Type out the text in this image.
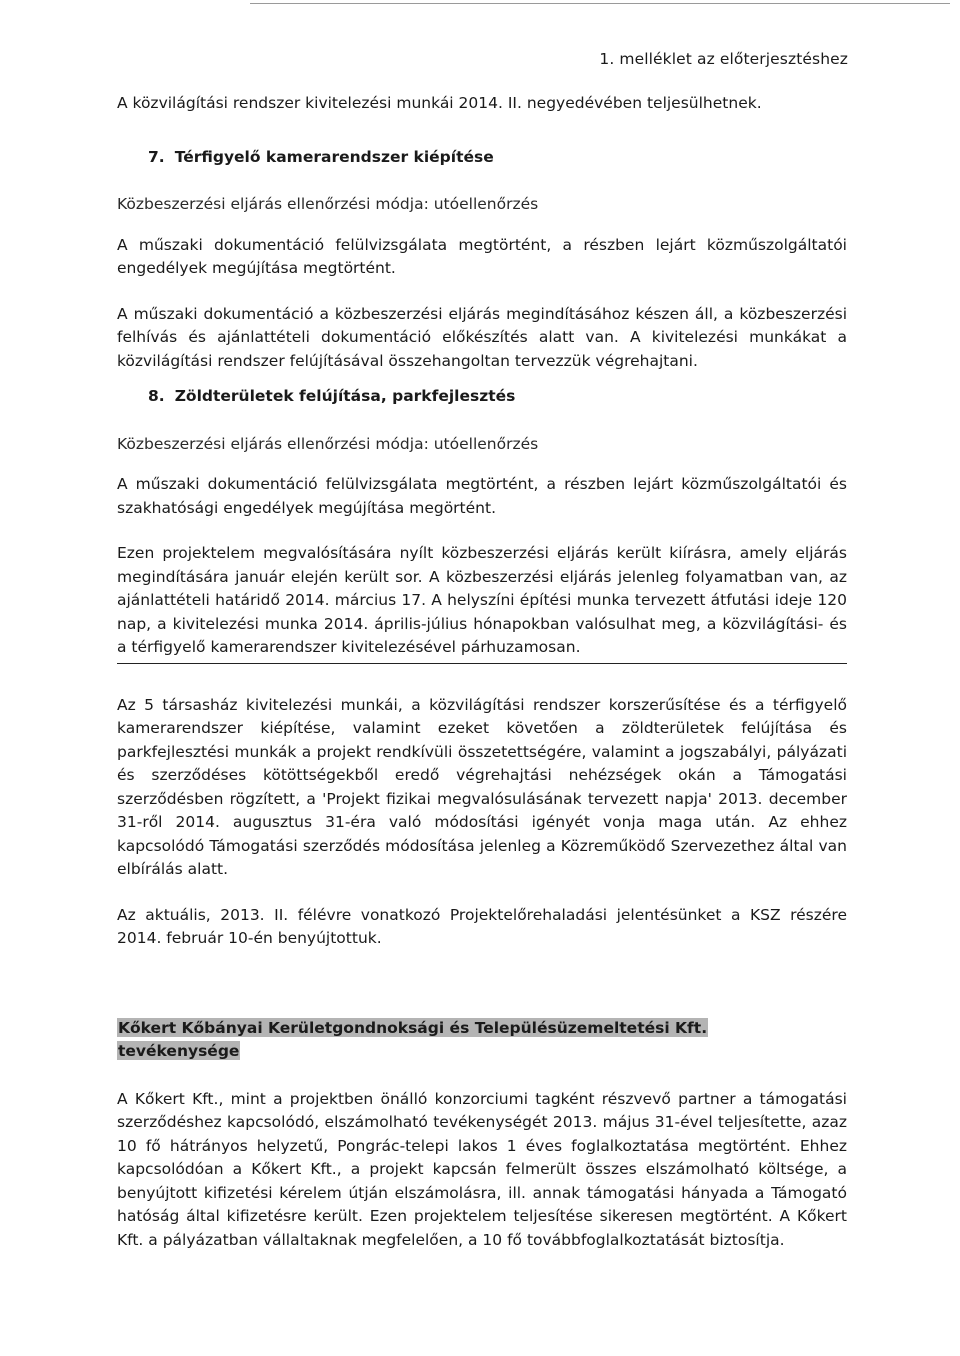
1. melléklet az előterjesztéshez

A közvilágítási rendszer kivitelezési munkái 2014. II. negyedévében teljesülhetnek.

7. Térfigyelő kamerarendszer kiépítése

Közbeszerzési eljárás ellenőrzési módja: utóellenőrzés

A műszaki dokumentáció felülvizsgálata megtörtént, a részben lejárt közműszolgáltatói engedélyek megújítása megtörtént.

A műszaki dokumentáció a közbeszerzési eljárás megindításához készen áll, a közbeszerzési felhívás és ajánlattételi dokumentáció előkészítés alatt van. A kivitelezési munkákat a közvilágítási rendszer felújításával összehangoltan tervezzük végrehajtani.

8. Zöldterületek felújítása, parkfejlesztés

Közbeszerzési eljárás ellenőrzési módja: utóellenőrzés

A műszaki dokumentáció felülvizsgálata megtörtént, a részben lejárt közműszolgáltatói és szakhatósági engedélyek megújítása megörtént.

Ezen projektelem megvalósítására nyílt közbeszerzési eljárás került kiírásra, amely eljárás megindítására január elején került sor. A közbeszerzési eljárás jelenleg folyamatban van, az ajánlattételi határidő 2014. március 17. A helyszíni építési munka tervezett átfutási ideje 120 nap, a kivitelezési munka 2014. április-július hónapokban valósulhat meg, a közvilágítási- és a térfigyelő kamerarendszer kivitelezésével párhuzamosan.

Az 5 társasház kivitelezési munkái, a közvilágítási rendszer korszerűsítése és a térfigyelő kamerarendszer kiépítése, valamint ezeket követően a zöldterületek felújítása és parkfejlesztési munkák a projekt rendkívüli összetettségére, valamint a jogszabályi, pályázati és szerződéses kötöttségekből eredő végrehajtási nehézségek okán a Támogatási szerződésben rögzített, a 'Projekt fizikai megvalósulásának tervezett napja' 2013. december 31-ről 2014. augusztus 31-éra való módosítási igényét vonja maga után. Az ehhez kapcsolódó Támogatási szerződés módosítása jelenleg a Közreműködő Szervezethez által van elbírálás alatt.

Az aktuális, 2013. II. félévre vonatkozó Projektelőrehaladási jelentésünket a KSZ részére 2014. február 10-én benyújtottuk.

Kőkert Kőbányai Kerületgondnoksági és Településüzemeltetési Kft.
tevékenysége

A Kőkert Kft., mint a projektben önálló konzorciumi tagként részvevő partner a támogatási szerződéshez kapcsolódó, elszámolható tevékenységét 2013. május 31-ével teljesítette, azaz 10 fő hátrányos helyzetű, Pongrác-telepi lakos 1 éves foglalkoztatása megtörtént. Ehhez kapcsolódóan a Kőkert Kft., a projekt kapcsán felmerült összes elszámolható költsége, a benyújtott kifizetési kérelem útján elszámolásra, ill. annak támogatási hányada a Támogató hatóság által kifizetésre került. Ezen projektelem teljesítése sikeresen megtörtént. A Kőkert Kft. a pályázatban vállaltaknak megfelelően, a 10 fő továbbfoglalkoztatását biztosítja.
